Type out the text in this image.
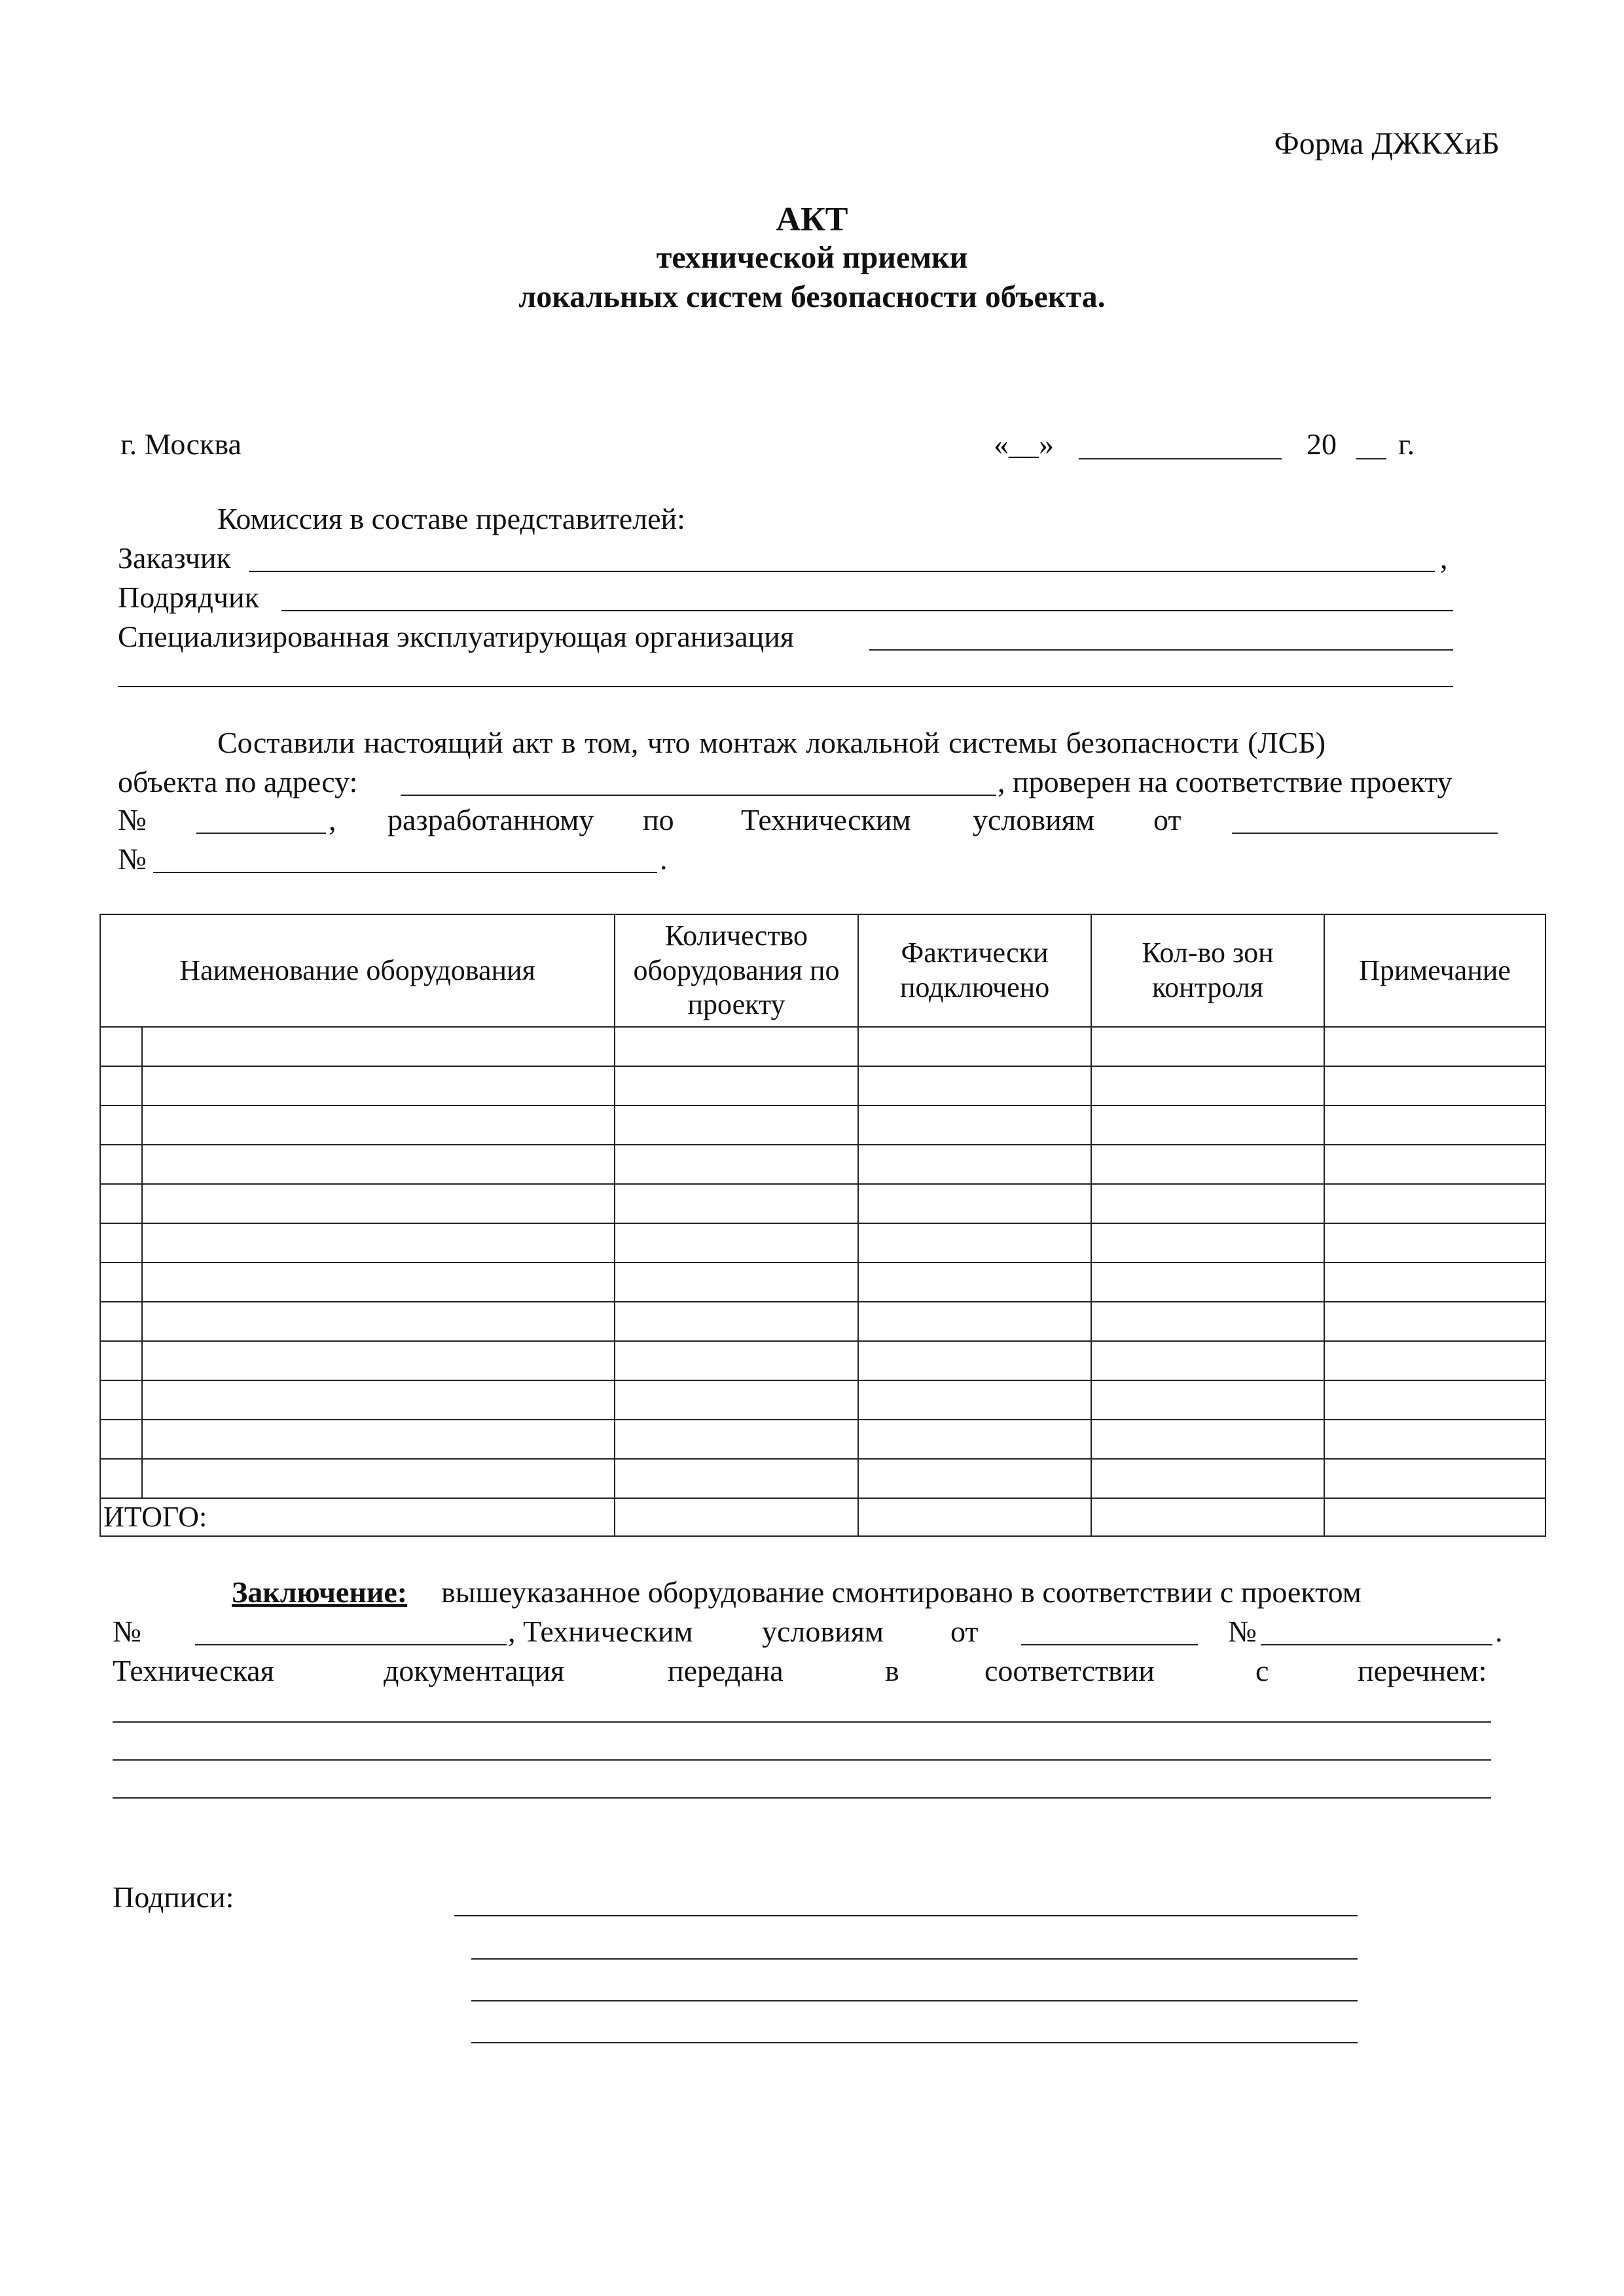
Форма ДЖКХиБ
АКТ
технической приемки
локальных систем безопасности объекта.
г. Москва	«__»	20 г.
Комиссия в составе представителей:
Заказчик	,
Подрядчик
Специализированная эксплуатирующая организация
Составили настоящий акт в том, что монтаж локальной системы безопасности (ЛСБ)
объекта по адресу:	, проверен на соответствие проекту
№	, разработанному по Техническим условиям от
№	.
Наименование оборудования		Количество оборудования по проекту	Фактически подключено	Кол-во зон контроля	Примечание

ИТОГО:					
Заключение: вышеуказанное оборудование смонтировано в соответствии с проектом
№	, Техническим условиям от	№	.
Техническая	документация	передана	в	соответствии	с	перечнем:
Подписи:
